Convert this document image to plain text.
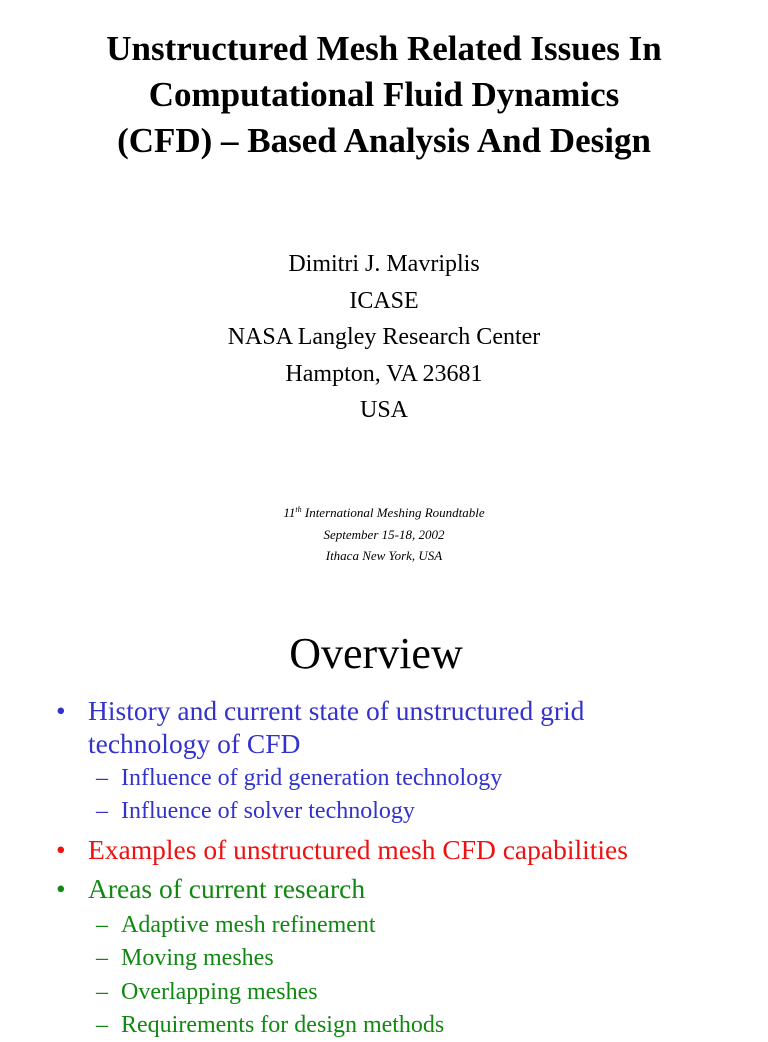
Unstructured Mesh Related Issues In
Computational Fluid Dynamics
(CFD) – Based Analysis And Design
Dimitri J. Mavriplis
ICASE
NASA Langley Research Center
Hampton, VA 23681
USA
11th International Meshing Roundtable
September 15-18, 2002
Ithaca New York, USA
Overview
• History and current state of unstructured grid
technology of CFD
– Influence of grid generation technology
– Influence of solver technology
• Examples of unstructured mesh CFD capabilities
• Areas of current research
– Adaptive mesh refinement
– Moving meshes
– Overlapping meshes
– Requirements for design methods
